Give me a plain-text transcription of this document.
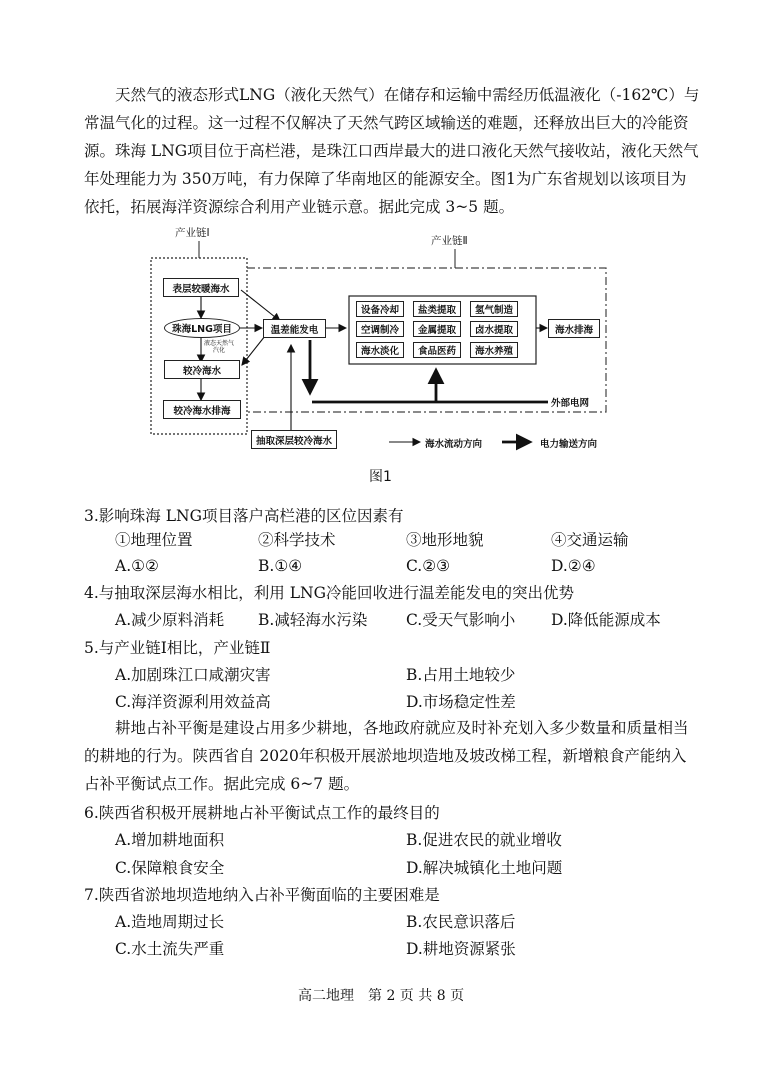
天然气的液态形式LNG（液化天然气）在储存和运输中需经历低温液化（-162℃）与

常温气化的过程。这一过程不仅解决了天然气跨区域输送的难题，还释放出巨大的冷能资

源。珠海 LNG项目位于高栏港，是珠江口西岸最大的进口液化天然气接收站，液化天然气

年处理能力为 350万吨，有力保障了华南地区的能源安全。图1为广东省规划以该项目为

依托，拓展海洋资源综合利用产业链示意。据此完成 3~5 题。

产业链Ⅰ
产业链Ⅱ
表层较暖海水
珠海LNG项目
液态天然气
汽化
较冷海水
较冷海水排海
温差能发电
抽取深层较冷海水
设备冷却	盐类提取	氢气制造
空调制冷	金属提取	卤水提取
海水淡化	食品医药	海水养殖
海水排海
外部电网
海水流动方向	电力输送方向
图1
3.影响珠海 LNG项目落户高栏港的区位因素有
①地理位置	②科学技术	③地形地貌	④交通运输
A.①②	B.①④	C.②③	D.②④
4.与抽取深层海水相比，利用 LNG冷能回收进行温差能发电的突出优势
A.减少原料消耗 B.减轻海水污染 C.受天气影响小 D.降低能源成本
5.与产业链Ⅰ相比，产业链Ⅱ
A.加剧珠江口咸潮灾害	B.占用土地较少
C.海洋资源利用效益高	D.市场稳定性差

耕地占补平衡是建设占用多少耕地，各地政府就应及时补充划入多少数量和质量相当

的耕地的行为。陕西省自 2020年积极开展淤地坝造地及坡改梯工程，新增粮食产能纳入

占补平衡试点工作。据此完成 6~7 题。

6.陕西省积极开展耕地占补平衡试点工作的最终目的
A.增加耕地面积	B.促进农民的就业增收
C.保障粮食安全	D.解决城镇化土地问题
7.陕西省淤地坝造地纳入占补平衡面临的主要困难是
A.造地周期过长	B.农民意识落后
C.水土流失严重	D.耕地资源紧张
高二地理　第 2 页 共 8 页
